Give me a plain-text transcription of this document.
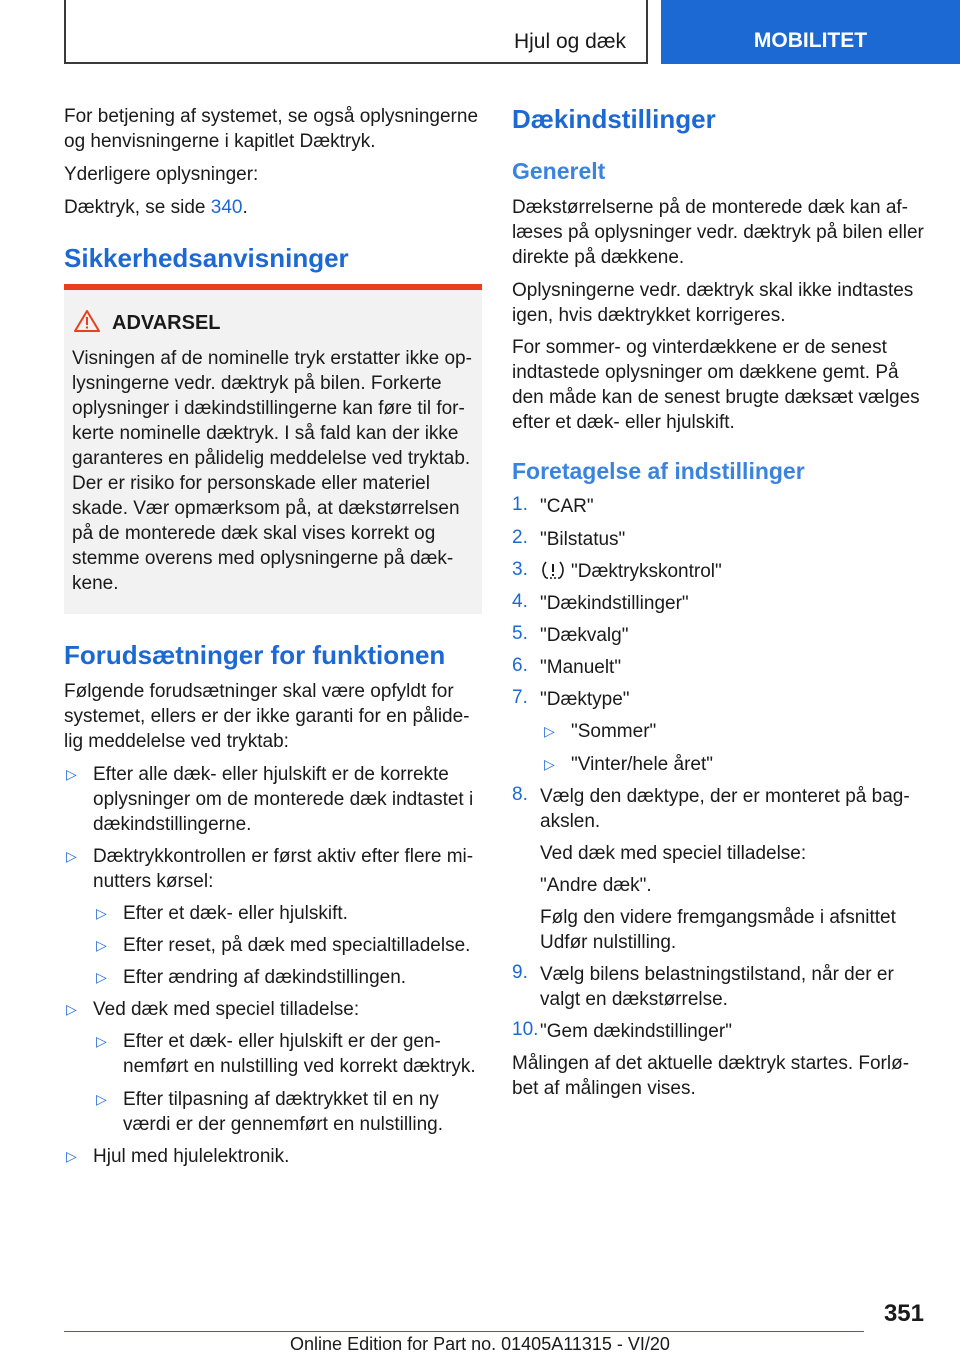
Hjul og dæk	MOBILITET
For betjening af systemet, se også oplysningerne
og henvisningerne i kapitlet Dæktryk.
Yderligere oplysninger:
Dæktryk, se side 340.
Sikkerhedsanvisninger
ADVARSEL
Visningen af de nominelle tryk erstatter ikke op-
lysningerne vedr. dæktryk på bilen. Forkerte
oplysninger i dækindstillingerne kan føre til for-
kerte nominelle dæktryk. I så fald kan der ikke
garanteres en pålidelig meddelelse ved tryktab.
Der er risiko for personskade eller materiel
skade. Vær opmærksom på, at dækstørrelsen
på de monterede dæk skal vises korrekt og
stemme overens med oplysningerne på dæk-
kene.
Forudsætninger for funktionen
Følgende forudsætninger skal være opfyldt for
systemet, ellers er der ikke garanti for en pålide-
lig meddelelse ved tryktab:
▷ Efter alle dæk- eller hjulskift er de korrekte
oplysninger om de monterede dæk indtastet i
dækindstillingerne.
▷ Dæktrykkontrollen er først aktiv efter flere mi-
nutters kørsel:
▷ Efter et dæk- eller hjulskift.
▷ Efter reset, på dæk med specialtilladelse.
▷ Efter ændring af dækindstillingen.
▷ Ved dæk med speciel tilladelse:
▷ Efter et dæk- eller hjulskift er der gen-
nemført en nulstilling ved korrekt dæktryk.
▷ Efter tilpasning af dæktrykket til en ny
værdi er der gennemført en nulstilling.
▷ Hjul med hjulelektronik.
Dækindstillinger
Generelt
Dækstørrelserne på de monterede dæk kan af-
læses på oplysninger vedr. dæktryk på bilen eller
direkte på dækkene.
Oplysningerne vedr. dæktryk skal ikke indtastes
igen, hvis dæktrykket korrigeres.
For sommer- og vinterdækkene er de senest
indtastede oplysninger om dækkene gemt. På
den måde kan de senest brugte dæksæt vælges
efter et dæk- eller hjulskift.
Foretagelse af indstillinger
1. "CAR"
2. "Bilstatus"
3. "Dæktrykskontrol"
4. "Dækindstillinger"
5. "Dækvalg"
6. "Manuelt"
7. "Dæktype"
▷ "Sommer"
▷ "Vinter/hele året"
8. Vælg den dæktype, der er monteret på bag-
akslen.
Ved dæk med speciel tilladelse:
"Andre dæk".
Følg den videre fremgangsmåde i afsnittet
Udfør nulstilling.
9. Vælg bilens belastningstilstand, når der er
valgt en dækstørrelse.
10. "Gem dækindstillinger"
Målingen af det aktuelle dæktryk startes. Forlø-
bet af målingen vises.
351
Online Edition for Part no. 01405A11315 - VI/20
